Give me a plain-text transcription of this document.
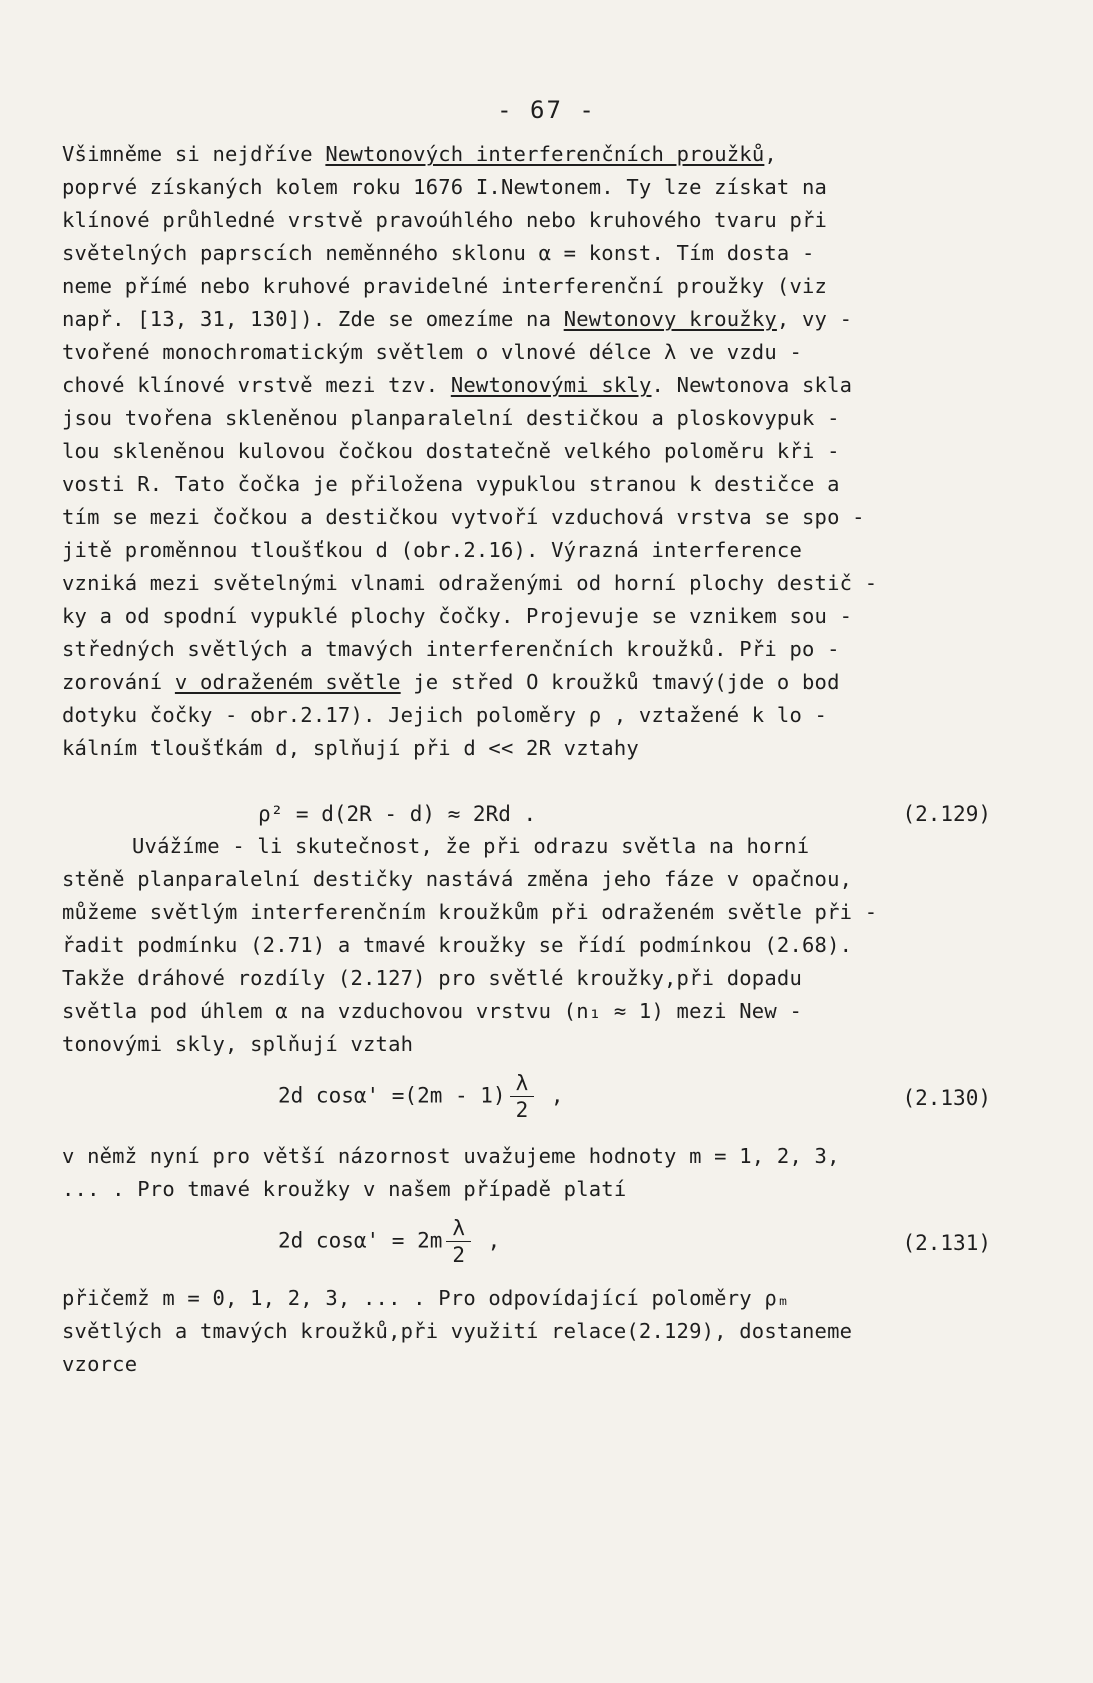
- 67 -
Všimněme si nejdříve Newtonových interferenčních proužků,
poprvé získaných kolem roku 1676 I.Newtonem. Ty lze získat na
klínové průhledné vrstvě pravoúhlého nebo kruhového tvaru při
světelných paprscích neměnného sklonu α = konst. Tím dosta -
neme přímé nebo kruhové pravidelné interferenční proužky (viz
např. [13, 31, 130]). Zde se omezíme na Newtonovy kroužky, vy -
tvořené monochromatickým světlem o vlnové délce λ ve vzdu -
chové klínové vrstvě mezi tzv. Newtonovými skly. Newtonova skla
jsou tvořena skleněnou planparalelní destičkou a ploskovypuk -
lou skleněnou kulovou čočkou dostatečně velkého poloměru kři -
vosti R. Tato čočka je přiložena vypuklou stranou k destičce a
tím se mezi čočkou a destičkou vytvoří vzduchová vrstva se spo -
jitě proměnnou tloušťkou d (obr.2.16). Výrazná interference
vzniká mezi světelnými vlnami odraženými od horní plochy destič -
ky a od spodní vypuklé plochy čočky. Projevuje se vznikem sou -
středných světlých a tmavých interferenčních kroužků. Při po -
zorování v odraženém světle je střed O kroužků tmavý(jde o bod
dotyku čočky - obr.2.17). Jejich poloměry ρ , vztažené k lo -
kálním tloušťkám d, splňují při d << 2R vztahy
ρ² = d(2R - d) ≈ 2Rd .	(2.129)
Uvážíme - li skutečnost, že při odrazu světla na horní
stěně planparalelní destičky nastává změna jeho fáze v opačnou,
můžeme světlým interferenčním kroužkům při odraženém světle při -
řadit podmínku (2.71) a tmavé kroužky se řídí podmínkou (2.68).
Takže dráhové rozdíly (2.127) pro světlé kroužky,při dopadu
světla pod úhlem α na vzduchovou vrstvu (n₁ ≈ 1) mezi New -
tonovými skly, splňují vztah
2d $\cos\alpha' =(2m - 1) \frac{\lambda}{2}$ ,	(2.130)
v němž nyní pro větší názornost uvažujeme hodnoty m = 1, 2, 3,
... . Pro tmavé kroužky v našem případě platí
2d $\cos\alpha' = 2m \frac{\lambda}{2}$ ,	(2.131)
přičemž m = 0, 1, 2, 3, ... . Pro odpovídající poloměry ρₘ
světlých a tmavých kroužků,při využití relace(2.129), dostaneme
vzorce
